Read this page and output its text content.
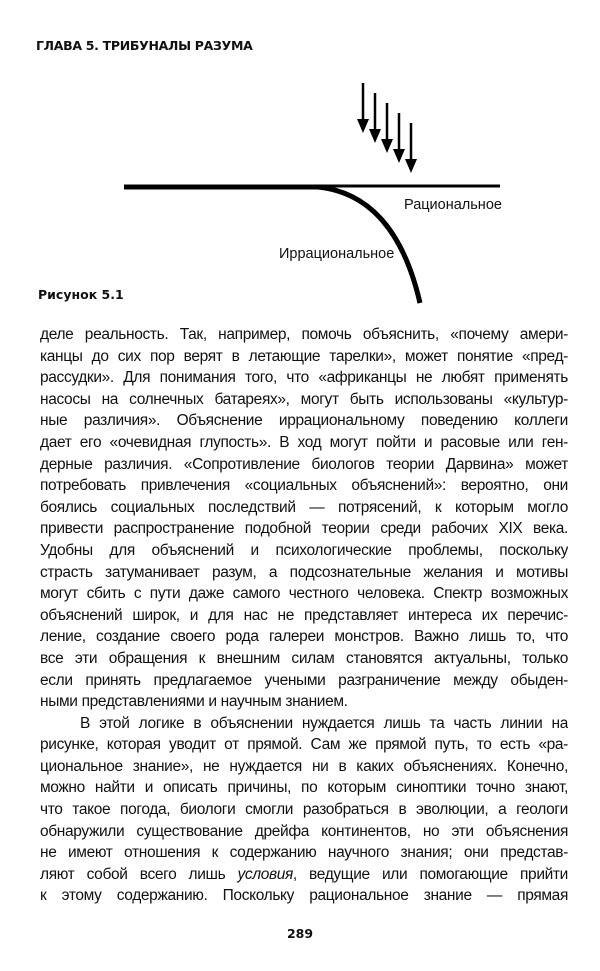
ГЛАВА 5. ТРИБУНАЛЫ РАЗУМА
Рациональное
Иррациональное
Рисунок 5.1
деле реальность. Так, например, помочь объяснить, «почему амери-
канцы до сих пор верят в летающие тарелки», может понятие «пред-
рассудки». Для понимания того, что «африканцы не любят применять
насосы на солнечных батареях», могут быть использованы «культур-
ные различия». Объяснение иррациональному поведению коллеги
дает его «очевидная глупость». В ход могут пойти и расовые или ген-
дерные различия. «Сопротивление биологов теории Дарвина» может
потребовать привлечения «социальных объяснений»: вероятно, они
боялись социальных последствий — потрясений, к которым могло
привести распространение подобной теории среди рабочих XIX века.
Удобны для объяснений и психологические проблемы, поскольку
страсть затуманивает разум, а подсознательные желания и мотивы
могут сбить с пути даже самого честного человека. Спектр возможных
объяснений широк, и для нас не представляет интереса их перечис-
ление, создание своего рода галереи монстров. Важно лишь то, что
все эти обращения к внешним силам становятся актуальны, только
если принять предлагаемое учеными разграничение между обыден-
ными представлениями и научным знанием.
В этой логике в объяснении нуждается лишь та часть линии на
рисунке, которая уводит от прямой. Сам же прямой путь, то есть «ра-
циональное знание», не нуждается ни в каких объяснениях. Конечно,
можно найти и описать причины, по которым синоптики точно знают,
что такое погода, биологи смогли разобраться в эволюции, а геологи
обнаружили существование дрейфа континентов, но эти объяснения
не имеют отношения к содержанию научного знания; они представ-
ляют собой всего лишь условия, ведущие или помогающие прийти
к этому содержанию. Поскольку рациональное знание — прямая
289
